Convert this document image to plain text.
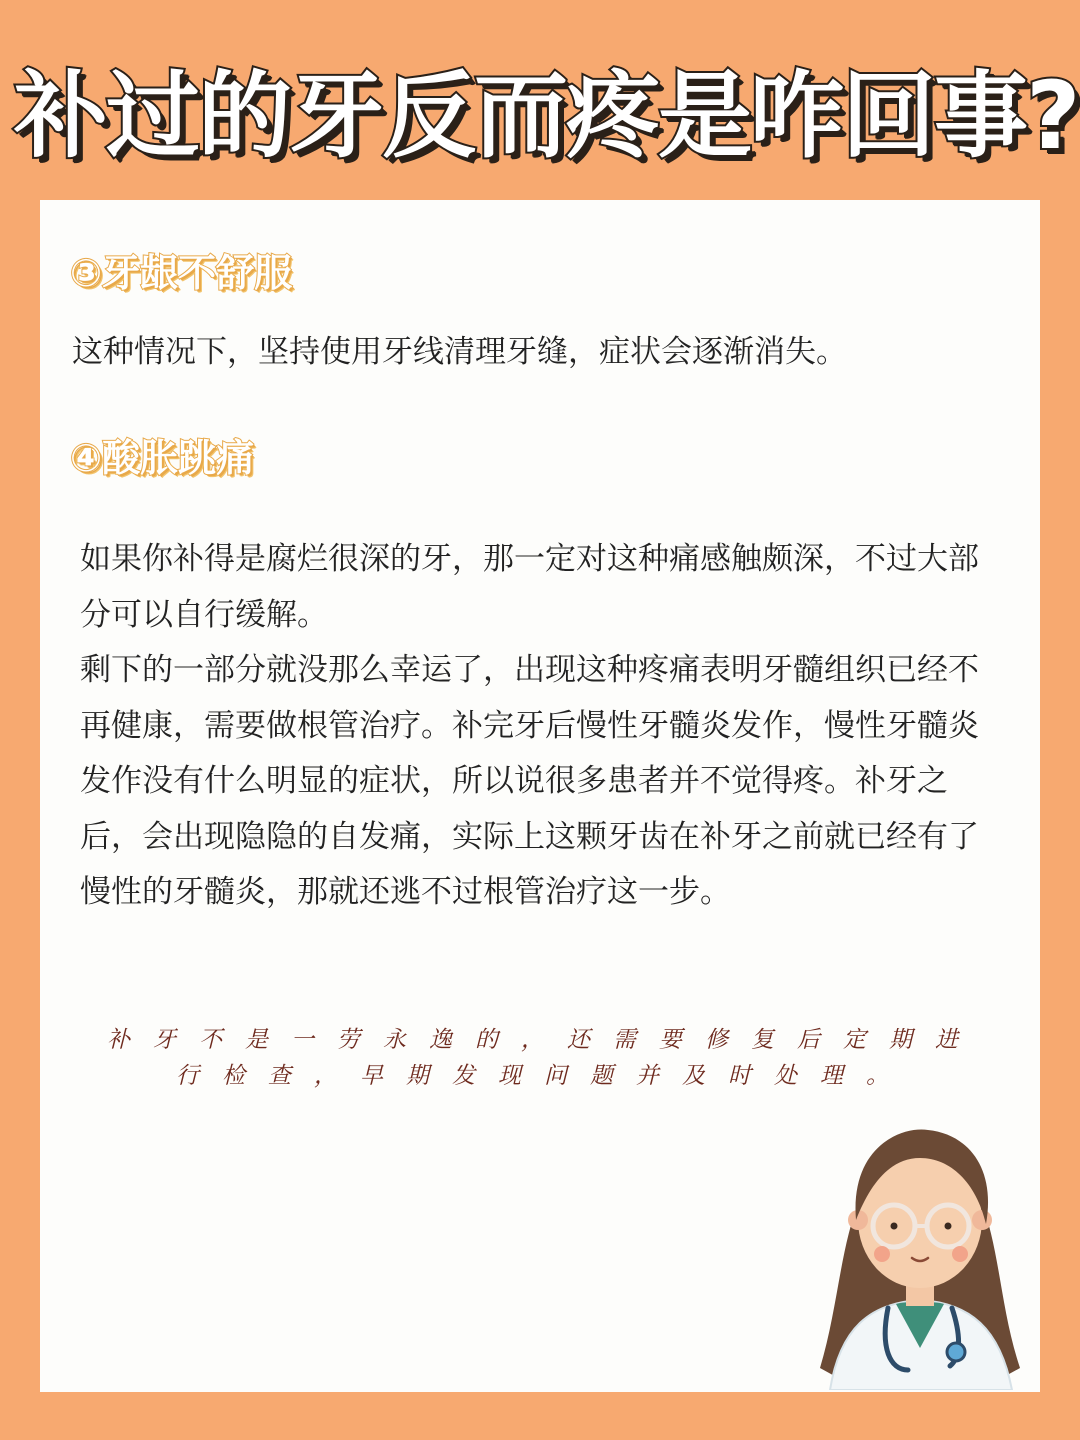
补过的牙反而疼是咋回事?
③牙龈不舒服

这种情况下，坚持使用牙线清理牙缝，症状会逐渐消失。

④酸胀跳痛
如果你补得是腐烂很深的牙，那一定对这种痛感触颇深，不过大部分可以自行缓解。
剩下的一部分就没那么幸运了，出现这种疼痛表明牙髓组织已经不再健康，需要做根管治疗。补完牙后慢性牙髓炎发作，慢性牙髓炎发作没有什么明显的症状，所以说很多患者并不觉得疼。补牙之后，会出现隐隐的自发痛，实际上这颗牙齿在补牙之前就已经有了慢性的牙髓炎，那就还逃不过根管治疗这一步。

补牙不是一劳永逸的，还需要修复后定期进行检查，早期发现问题并及时处理。
